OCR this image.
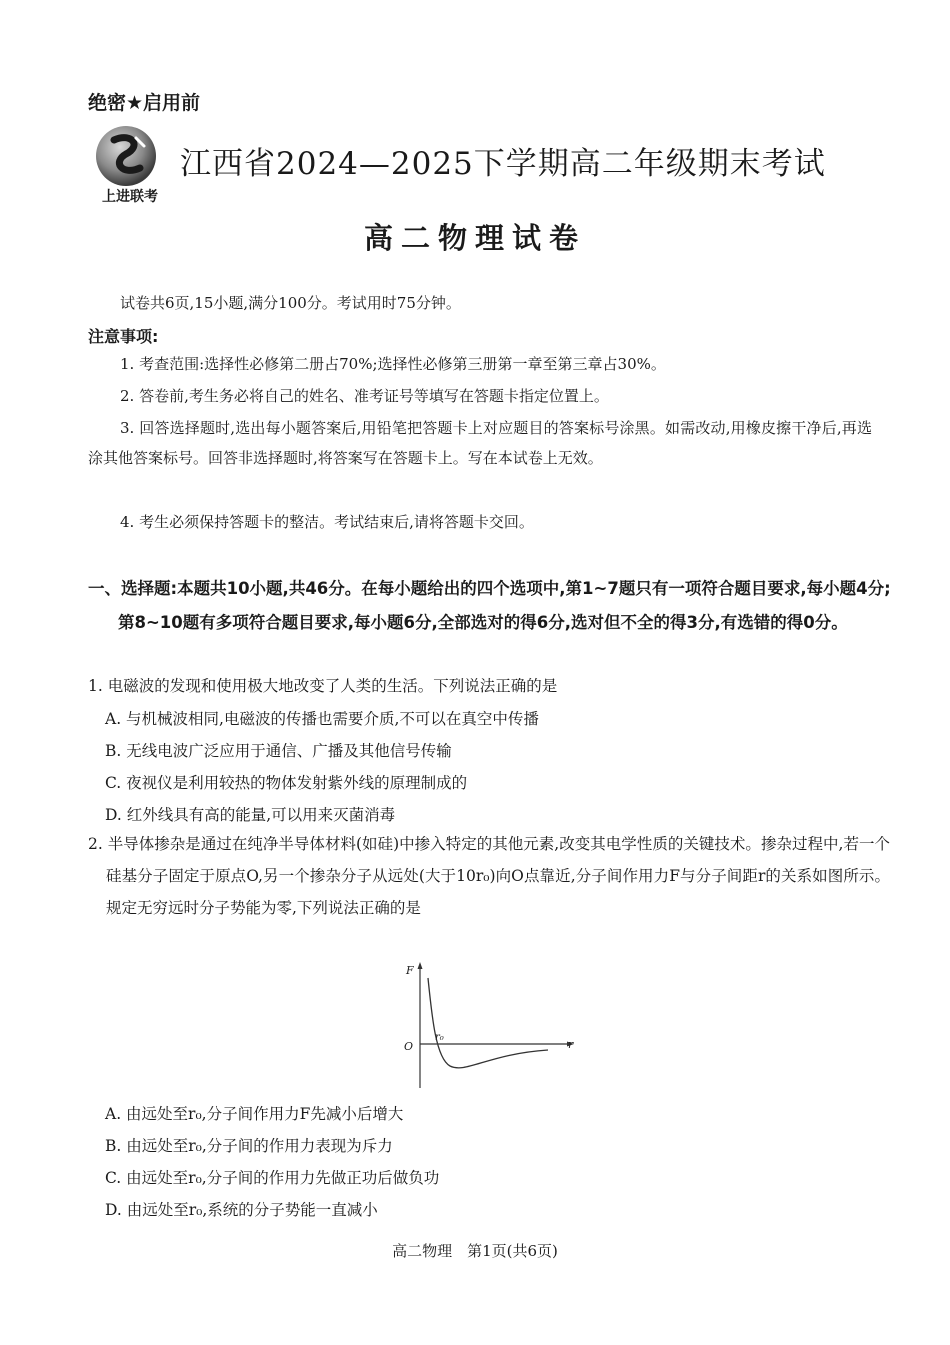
绝密★启用前
上进联考
江西省2024—2025下学期高二年级期末考试
高二物理试卷
试卷共6页,15小题,满分100分。考试用时75分钟。
注意事项:
1. 考查范围:选择性必修第二册占70%;选择性必修第三册第一章至第三章占30%。
2. 答卷前,考生务必将自己的姓名、准考证号等填写在答题卡指定位置上。
3. 回答选择题时,选出每小题答案后,用铅笔把答题卡上对应题目的答案标号涂黑。如需改动,用橡皮擦干净后,再选涂其他答案标号。回答非选择题时,将答案写在答题卡上。写在本试卷上无效。
4. 考生必须保持答题卡的整洁。考试结束后,请将答题卡交回。
一、选择题:本题共10小题,共46分。在每小题给出的四个选项中,第1~7题只有一项符合题目要求,每小题4分;第8~10题有多项符合题目要求,每小题6分,全部选对的得6分,选对但不全的得3分,有选错的得0分。
1. 电磁波的发现和使用极大地改变了人类的生活。下列说法正确的是
A. 与机械波相同,电磁波的传播也需要介质,不可以在真空中传播
B. 无线电波广泛应用于通信、广播及其他信号传输
C. 夜视仪是利用较热的物体发射紫外线的原理制成的
D. 红外线具有高的能量,可以用来灭菌消毒
2. 半导体掺杂是通过在纯净半导体材料(如硅)中掺入特定的其他元素,改变其电学性质的关键技术。掺杂过程中,若一个硅基分子固定于原点O,另一个掺杂分子从远处(大于10r₀)向O点靠近,分子间作用力F与分子间距r的关系如图所示。规定无穷远时分子势能为零,下列说法正确的是
F
O
r₀
r
A. 由远处至r₀,分子间作用力F先减小后增大
B. 由远处至r₀,分子间的作用力表现为斥力
C. 由远处至r₀,分子间的作用力先做正功后做负功
D. 由远处至r₀,系统的分子势能一直减小
高二物理　第1页(共6页)
